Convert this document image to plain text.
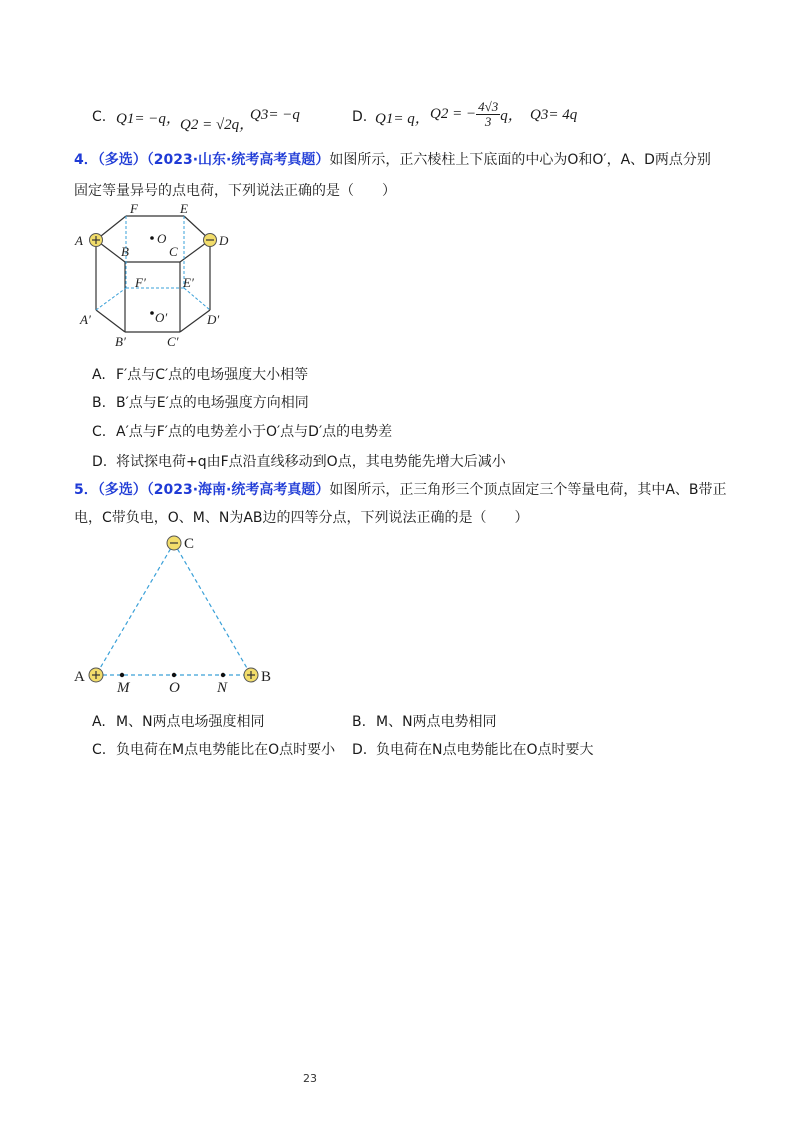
C. Q1= −q， Q2 = √2q，
Q3= −q	D. Q1= q， Q2 = − $\frac{4√3}{3}$ q， Q3= 4q
4．（多选）（2023·山东·统考高考真题）如图所示，正六棱柱上下底面的中心为O和O′，A、D两点分别
固定等量异号的点电荷，下列说法正确的是（　　）
F	E
A
B
O
C
D
F′	E′
A′	O′	D′
B′	C′
A. F′点与C′点的电场强度大小相等
B. B′点与E′点的电场强度方向相同
C. A′点与F′点的电势差小于O′点与D′点的电势差
D. 将试探电荷+q由F点沿直线移动到O点，其电势能先增大后减小
5．（多选）（2023·海南·统考高考真题）如图所示，正三角形三个顶点固定三个等量电荷，其中A、B带正
电，C带负电，O、M、N为AB边的四等分点，下列说法正确的是（　　）
C
A	B
M	O N
A. M、N两点电场强度相同	B. M、N两点电势相同
C. 负电荷在M点电势能比在O点时要小 D. 负电荷在N点电势能比在O点时要大
23
